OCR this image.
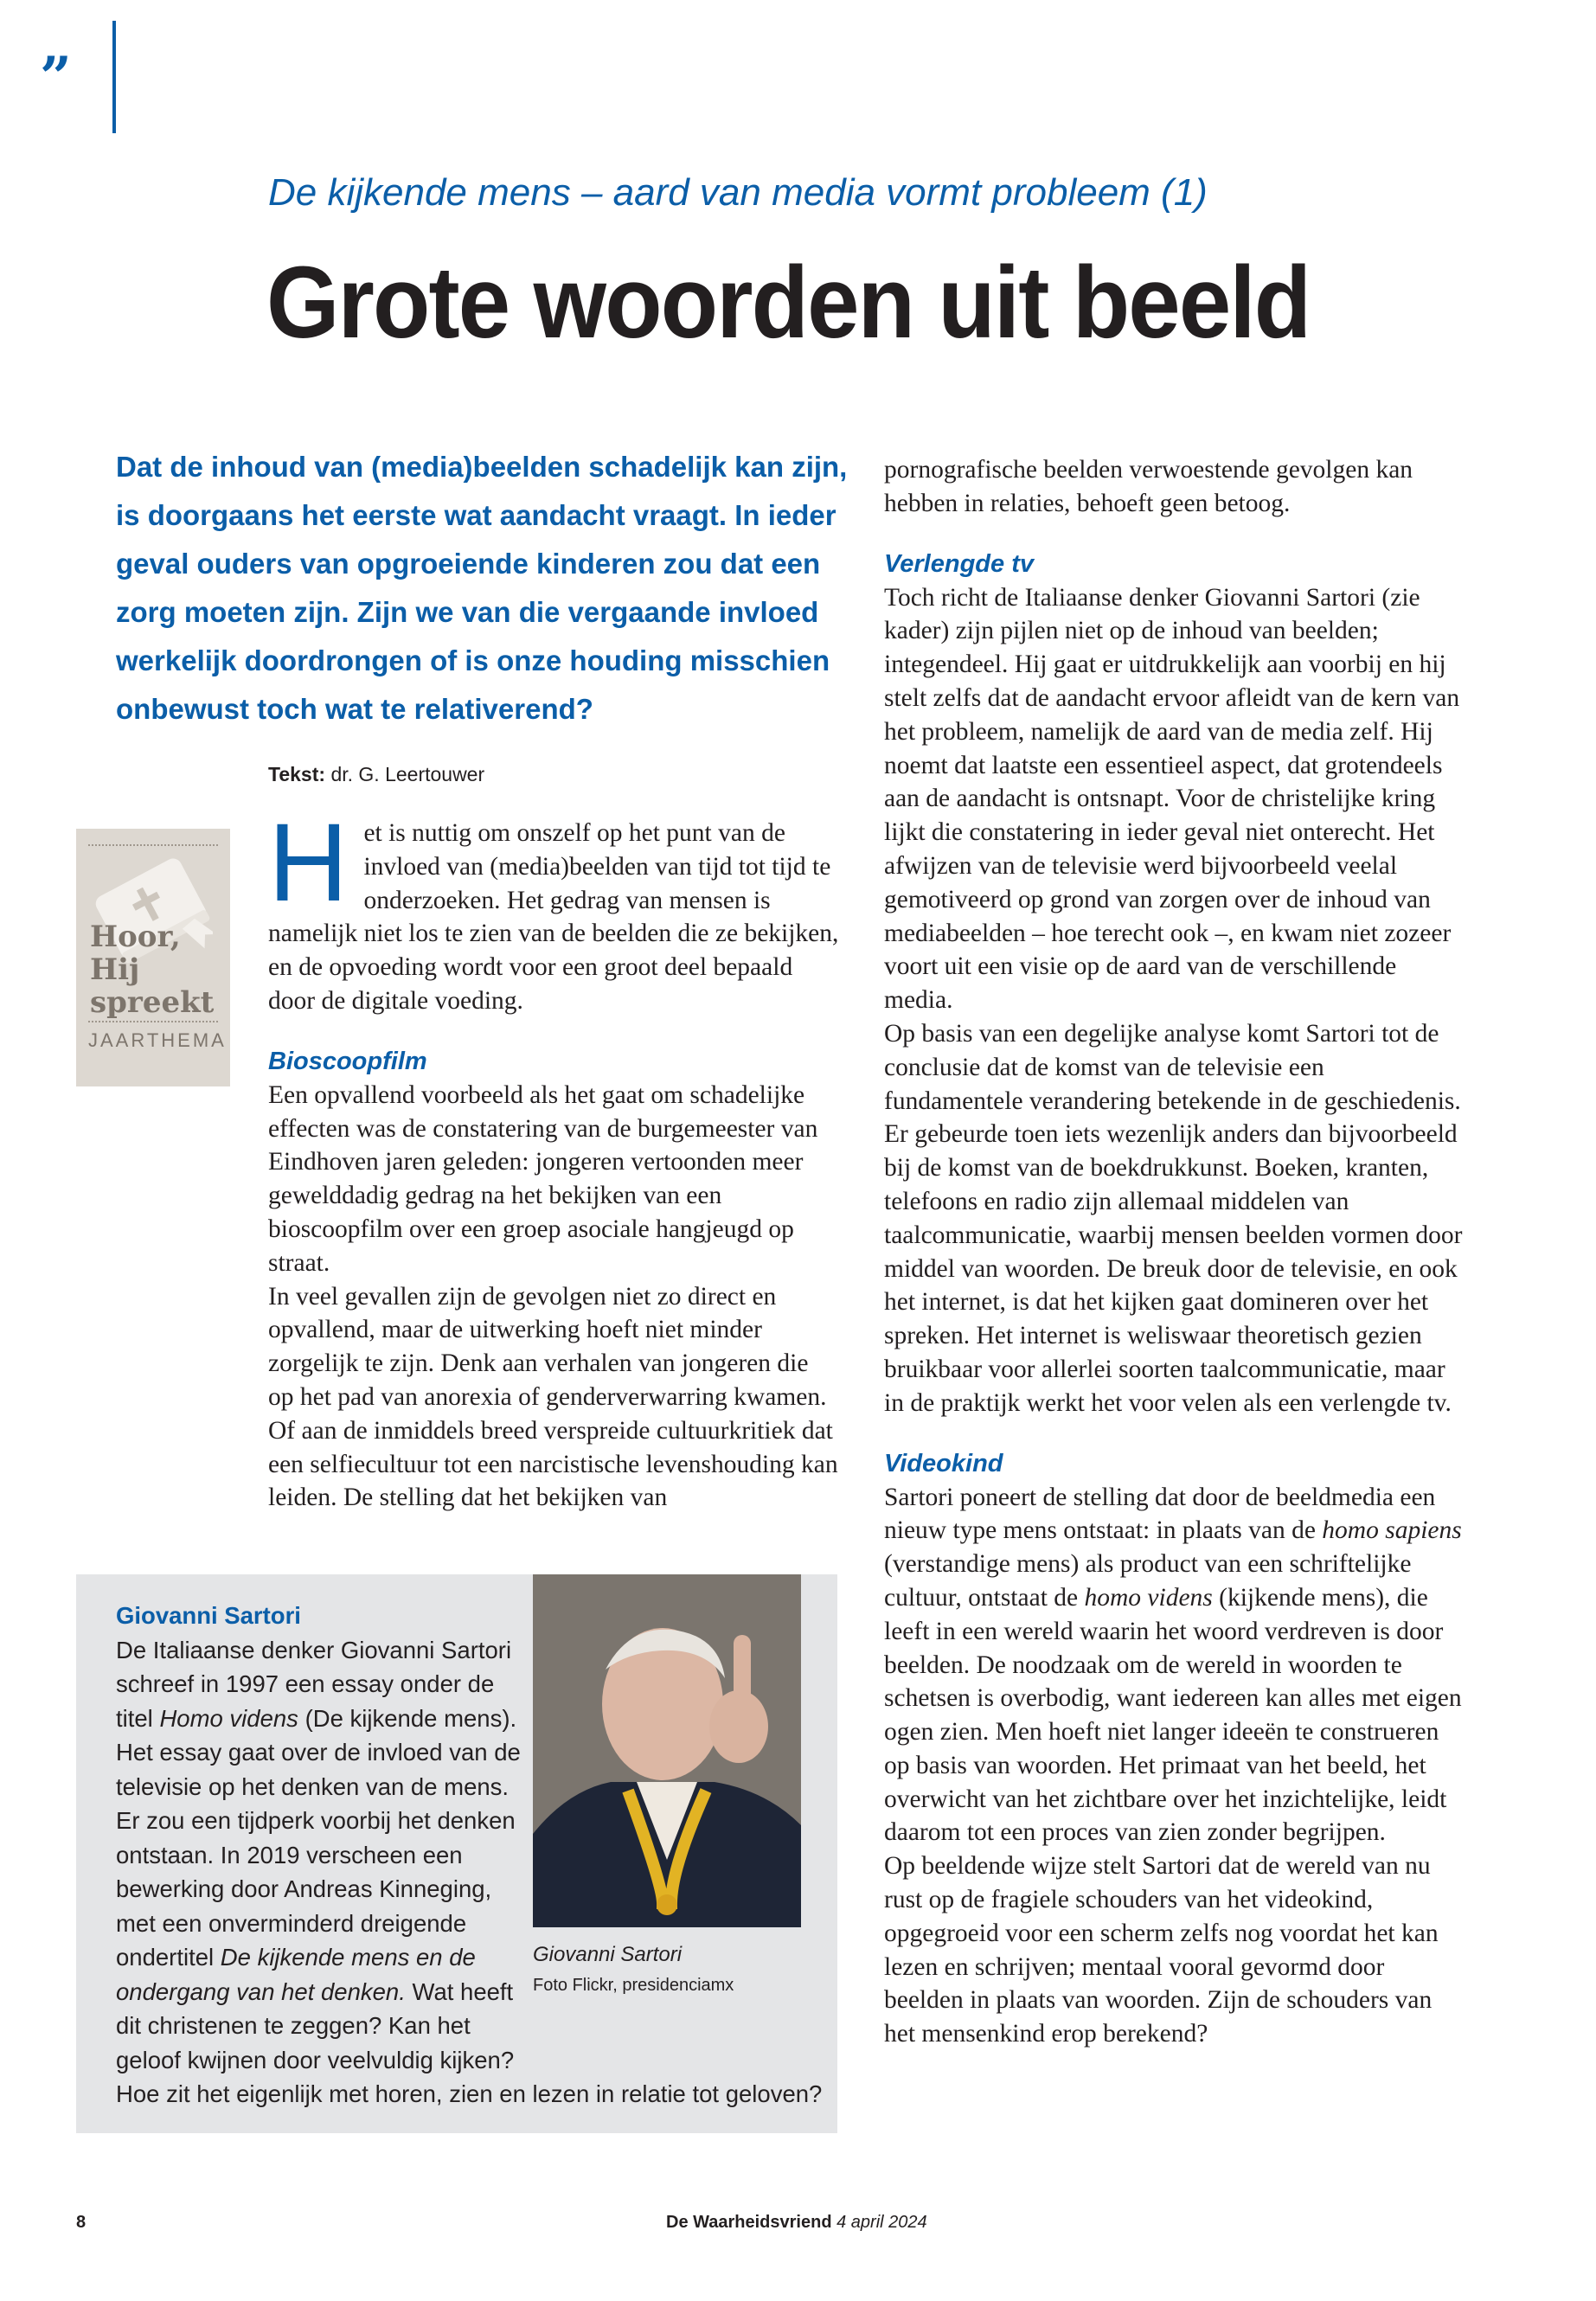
”
De kijkende mens – aard van media vormt probleem (1)
Grote woorden uit beeld
Dat de inhoud van (media)beelden schadelijk kan zijn, is doorgaans het eerste wat aandacht vraagt. In ieder geval ouders van opgroeiende kinderen zou dat een zorg moeten zijn. Zijn we van die vergaande invloed werkelijk doordrongen of is onze houding misschien onbewust toch wat te relativerend?
Tekst: dr. G. Leertouwer
Hoor, Hij spreekt
JAARTHEMA

Het is nuttig om onszelf op het punt van de invloed van (media)beelden van tijd tot tijd te onderzoeken. Het gedrag van mensen is namelijk niet los te zien van de beelden die ze bekijken, en de opvoeding wordt voor een groot deel bepaald door de digitale voeding.

Bioscoopfilm

Een opvallend voorbeeld als het gaat om schadelijke effecten was de constatering van de burgemeester van Eindhoven jaren geleden: jongeren vertoonden meer gewelddadig gedrag na het bekijken van een bioscoopfilm over een groep asociale hangjeugd op straat.

In veel gevallen zijn de gevolgen niet zo direct en opvallend, maar de uitwerking hoeft niet minder zorgelijk te zijn. Denk aan verhalen van jongeren die op het pad van anorexia of genderverwarring kwamen. Of aan de inmiddels breed verspreide cultuurkritiek dat een selfiecultuur tot een narcistische levenshouding kan leiden. De stelling dat het bekijken van

pornografische beelden verwoestende gevolgen kan hebben in relaties, behoeft geen betoog.

Verlengde tv

Toch richt de Italiaanse denker Giovanni Sartori (zie kader) zijn pijlen niet op de inhoud van beelden; integendeel. Hij gaat er uitdrukkelijk aan voorbij en hij stelt zelfs dat de aandacht ervoor afleidt van de kern van het probleem, namelijk de aard van de media zelf. Hij noemt dat laatste een essentieel aspect, dat grotendeels aan de aandacht is ontsnapt. Voor de christelijke kring lijkt die constatering in ieder geval niet onterecht. Het afwijzen van de televisie werd bijvoorbeeld veelal gemotiveerd op grond van zorgen over de inhoud van mediabeelden – hoe terecht ook –, en kwam niet zozeer voort uit een visie op de aard van de verschillende media.

Op basis van een degelijke analyse komt Sartori tot de conclusie dat de komst van de televisie een fundamentele verandering betekende in de geschiedenis. Er gebeurde toen iets wezenlijk anders dan bijvoorbeeld bij de komst van de boekdrukkunst. Boeken, kranten, telefoons en radio zijn allemaal middelen van taalcommunicatie, waarbij mensen beelden vormen door middel van woorden. De breuk door de televisie, en ook het internet, is dat het kijken gaat domineren over het spreken. Het internet is weliswaar theoretisch gezien bruikbaar voor allerlei soorten taalcommunicatie, maar in de praktijk werkt het voor velen als een verlengde tv.

Videokind

Sartori poneert de stelling dat door de beeldmedia een nieuw type mens ontstaat: in plaats van de homo sapiens (verstandige mens) als product van een schriftelijke cultuur, ontstaat de homo videns (kijkende mens), die leeft in een wereld waarin het woord verdreven is door beelden. De noodzaak om de wereld in woorden te schetsen is overbodig, want iedereen kan alles met eigen ogen zien. Men hoeft niet langer ideeën te construeren op basis van woorden. Het primaat van het beeld, het overwicht van het zichtbare over het inzichtelijke, leidt daarom tot een proces van zien zonder begrijpen.

Op beeldende wijze stelt Sartori dat de wereld van nu rust op de fragiele schouders van het videokind, opgegroeid voor een scherm zelfs nog voordat het kan lezen en schrijven; mentaal vooral gevormd door beelden in plaats van woorden. Zijn de schouders van het mensenkind erop berekend?

Giovanni Sartori
Foto Flickr, presidenciamx
Giovanni Sartori
De Italiaanse denker Giovanni Sartori schreef in 1997 een essay onder de titel Homo videns (De kijkende mens). Het essay gaat over de invloed van de televisie op het denken van de mens. Er zou een tijdperk voorbij het denken ontstaan. In 2019 verscheen een bewerking door Andreas Kinneging, met een onverminderd dreigende ondertitel De kijkende mens en de ondergang van het denken. Wat heeft dit christenen te zeggen? Kan het geloof kwijnen door veelvuldig kijken? Hoe zit het eigenlijk met horen, zien en lezen in relatie tot geloven?
8	De Waarheidsvriend 4 april 2024
